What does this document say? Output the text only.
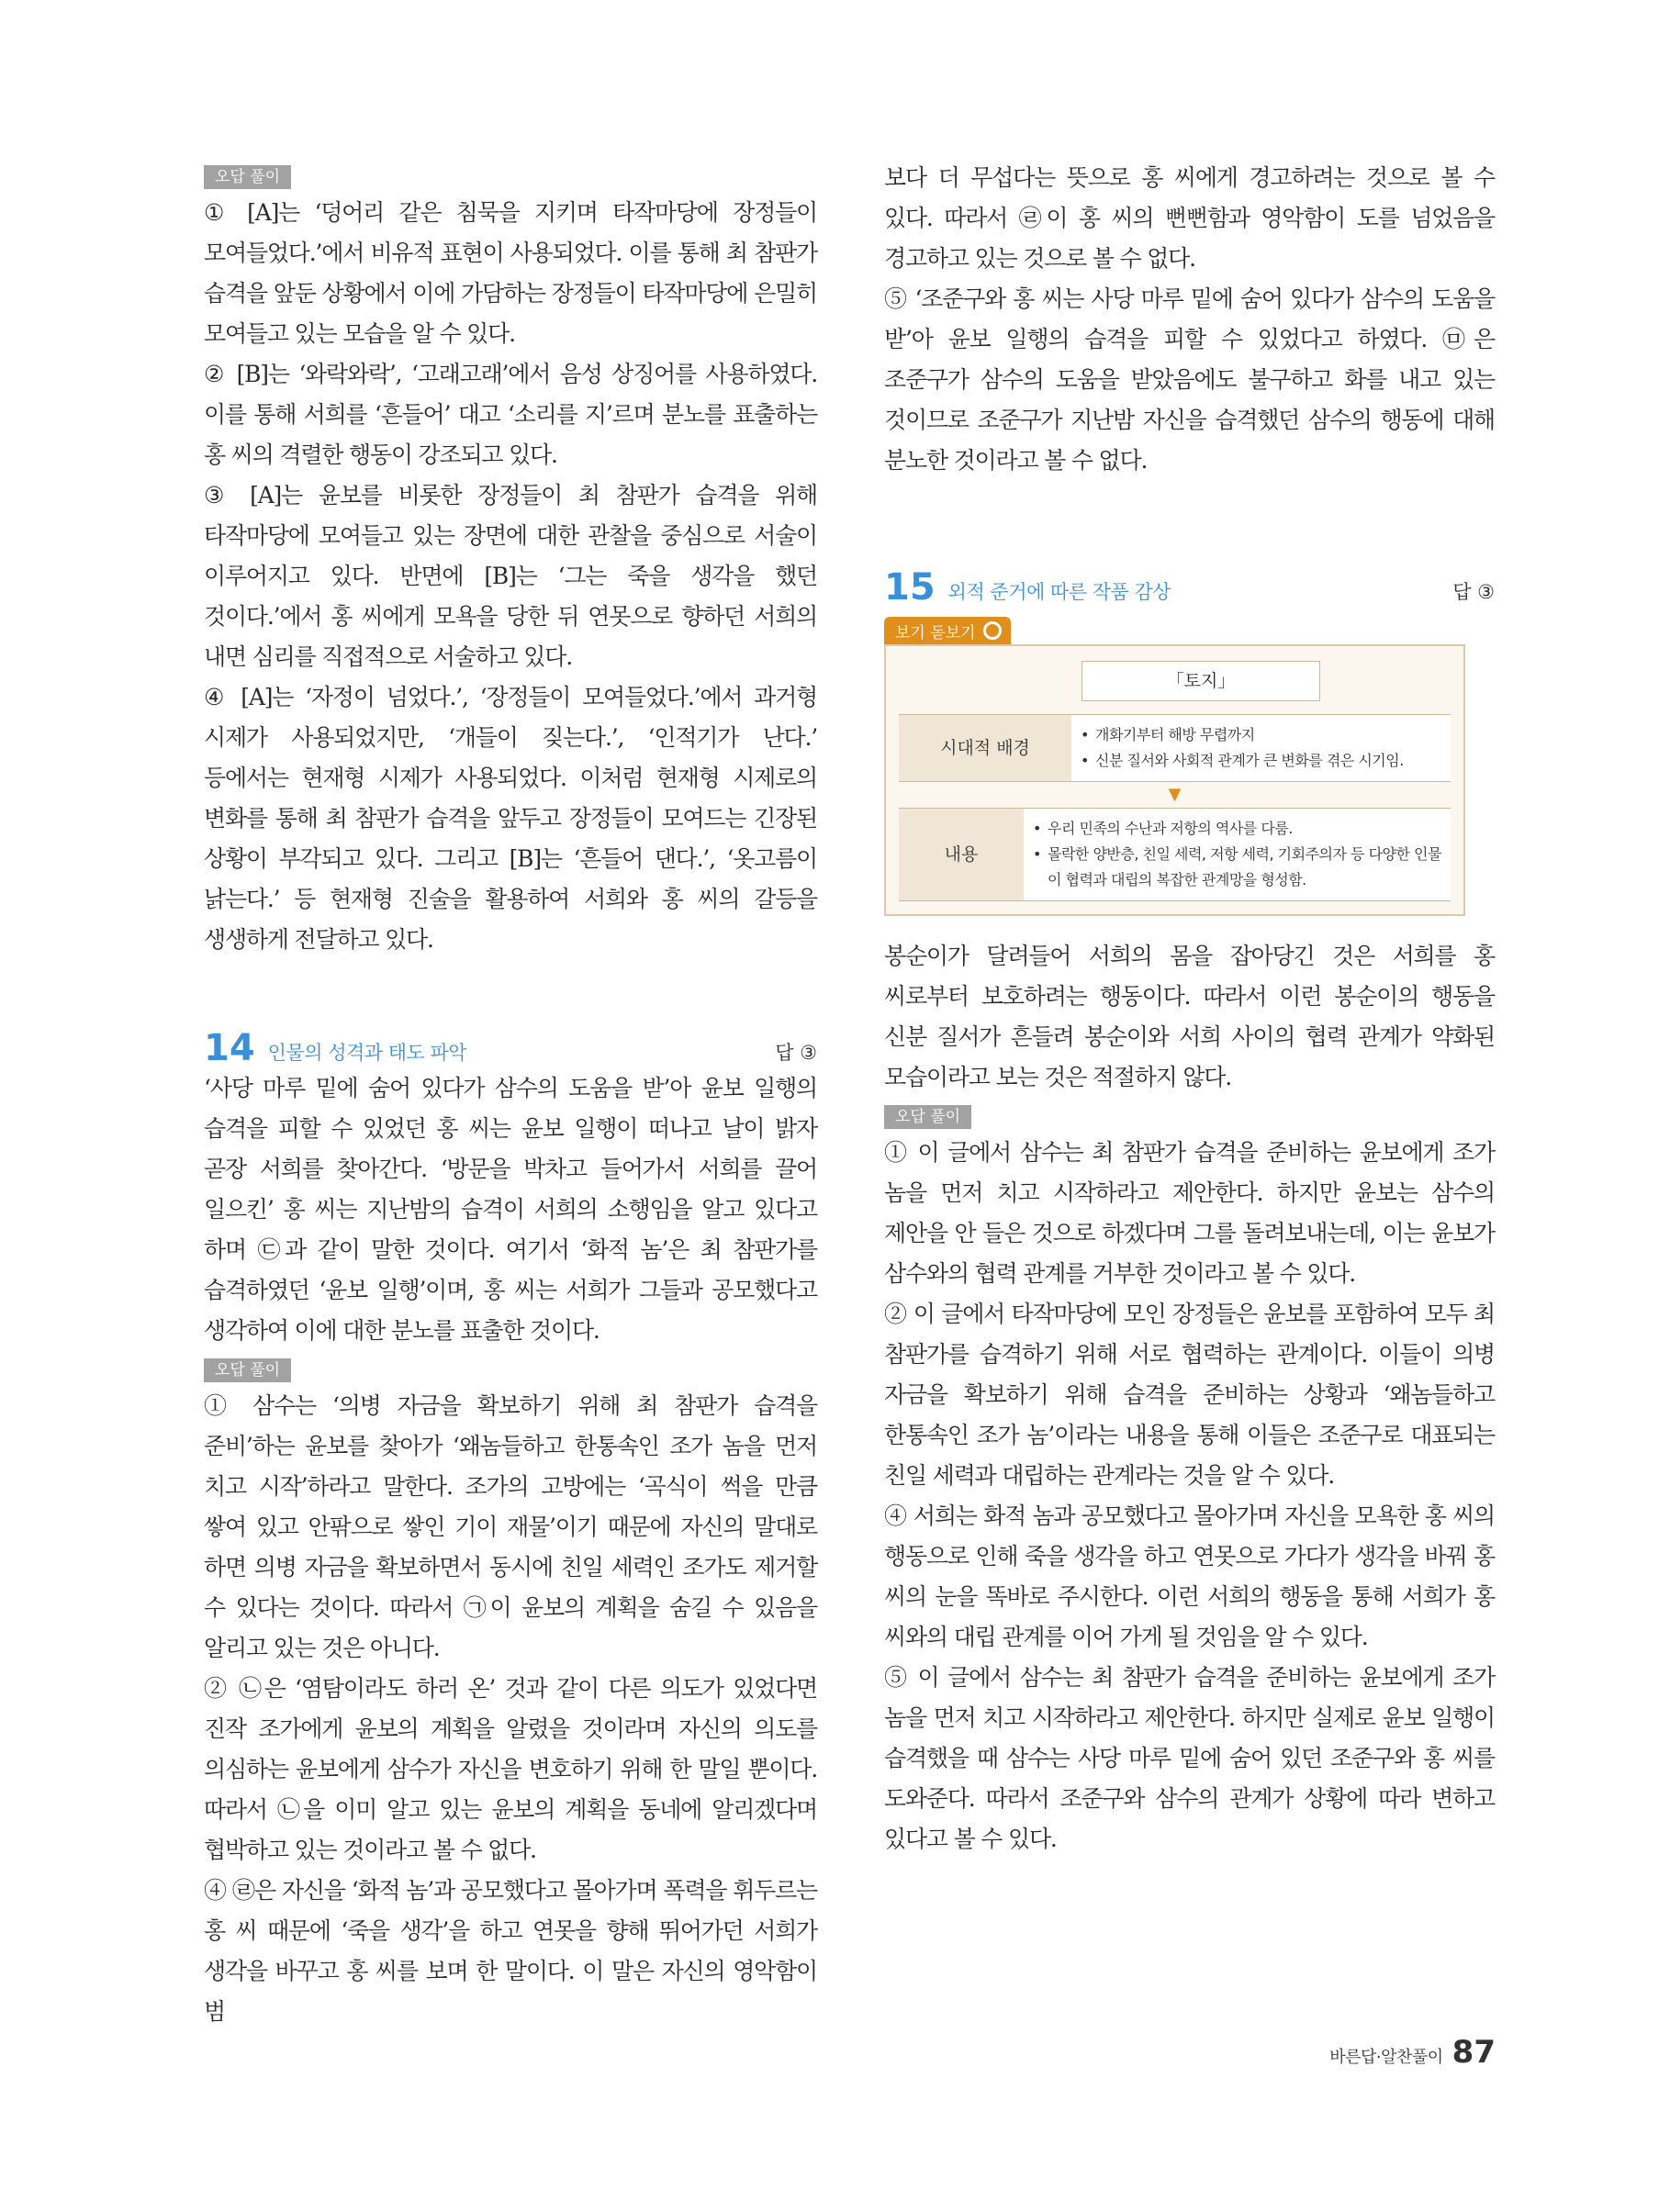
오답 풀이

① [A]는 ‘덩어리 같은 침묵을 지키며 타작마당에 장정들이 모여들었다.’에서 비유적 표현이 사용되었다. 이를 통해 최 참판가 습격을 앞둔 상황에서 이에 가담하는 장정들이 타작마당에 은밀히 모여들고 있는 모습을 알 수 있다.

② [B]는 ‘와락와락’, ‘고래고래’에서 음성 상징어를 사용하였다. 이를 통해 서희를 ‘흔들어’ 대고 ‘소리를 지’르며 분노를 표출하는 홍 씨의 격렬한 행동이 강조되고 있다.

③ [A]는 윤보를 비롯한 장정들이 최 참판가 습격을 위해 타작마당에 모여들고 있는 장면에 대한 관찰을 중심으로 서술이 이루어지고 있다. 반면에 [B]는 ‘그는 죽을 생각을 했던 것이다.’에서 홍 씨에게 모욕을 당한 뒤 연못으로 향하던 서희의 내면 심리를 직접적으로 서술하고 있다.

④ [A]는 ‘자정이 넘었다.’, ‘장정들이 모여들었다.’에서 과거형 시제가 사용되었지만, ‘개들이 짖는다.’, ‘인적기가 난다.’ 등에서는 현재형 시제가 사용되었다. 이처럼 현재형 시제로의 변화를 통해 최 참판가 습격을 앞두고 장정들이 모여드는 긴장된 상황이 부각되고 있다. 그리고 [B]는 ‘흔들어 댄다.’, ‘옷고름이 낡는다.’ 등 현재형 진술을 활용하여 서희와 홍 씨의 갈등을 생생하게 전달하고 있다.

14 인물의 성격과 태도 파악	답 ③

‘사당 마루 밑에 숨어 있다가 삼수의 도움을 받’아 윤보 일행의 습격을 피할 수 있었던 홍 씨는 윤보 일행이 떠나고 날이 밝자 곧장 서희를 찾아간다. ‘방문을 박차고 들어가서 서희를 끌어 일으킨’ 홍 씨는 지난밤의 습격이 서희의 소행임을 알고 있다고 하며 ㉢과 같이 말한 것이다. 여기서 ‘화적 놈’은 최 참판가를 습격하였던 ‘윤보 일행’이며, 홍 씨는 서희가 그들과 공모했다고 생각하여 이에 대한 분노를 표출한 것이다.

오답 풀이

① 삼수는 ‘의병 자금을 확보하기 위해 최 참판가 습격을 준비’하는 윤보를 찾아가 ‘왜놈들하고 한통속인 조가 놈을 먼저 치고 시작’하라고 말한다. 조가의 고방에는 ‘곡식이 썩을 만큼 쌓여 있고 안팎으로 쌓인 기이 재물’이기 때문에 자신의 말대로 하면 의병 자금을 확보하면서 동시에 친일 세력인 조가도 제거할 수 있다는 것이다. 따라서 ㉠이 윤보의 계획을 숨길 수 있음을 알리고 있는 것은 아니다.

② ㉡은 ‘염탐이라도 하러 온’ 것과 같이 다른 의도가 있었다면 진작 조가에게 윤보의 계획을 알렸을 것이라며 자신의 의도를 의심하는 윤보에게 삼수가 자신을 변호하기 위해 한 말일 뿐이다. 따라서 ㉡을 이미 알고 있는 윤보의 계획을 동네에 알리겠다며 협박하고 있는 것이라고 볼 수 없다.

④ ㉣은 자신을 ‘화적 놈’과 공모했다고 몰아가며 폭력을 휘두르는 홍 씨 때문에 ‘죽을 생각’을 하고 연못을 향해 뛰어가던 서희가 생각을 바꾸고 홍 씨를 보며 한 말이다. 이 말은 자신의 영악함이 범

보다 더 무섭다는 뜻으로 홍 씨에게 경고하려는 것으로 볼 수 있다. 따라서 ㉣이 홍 씨의 뻔뻔함과 영악함이 도를 넘었음을 경고하고 있는 것으로 볼 수 없다.

⑤ ‘조준구와 홍 씨는 사당 마루 밑에 숨어 있다가 삼수의 도움을 받’아 윤보 일행의 습격을 피할 수 있었다고 하였다. ㉤은 조준구가 삼수의 도움을 받았음에도 불구하고 화를 내고 있는 것이므로 조준구가 지난밤 자신을 습격했던 삼수의 행동에 대해 분노한 것이라고 볼 수 없다.

15 외적 준거에 따른 작품 감상	답 ③
보기 돋보기
「토지」
시대적 배경
• 개화기부터 해방 무렵까지
• 신분 질서와 사회적 관계가 큰 변화를 겪은 시기임.
▼
내용
• 우리 민족의 수난과 저항의 역사를 다룸.
• 몰락한 양반층, 친일 세력, 저항 세력, 기회주의자 등 다양한 인물이 협력과 대립의 복잡한 관계망을 형성함.

봉순이가 달려들어 서희의 몸을 잡아당긴 것은 서희를 홍 씨로부터 보호하려는 행동이다. 따라서 이런 봉순이의 행동을 신분 질서가 흔들려 봉순이와 서희 사이의 협력 관계가 약화된 모습이라고 보는 것은 적절하지 않다.

오답 풀이

① 이 글에서 삼수는 최 참판가 습격을 준비하는 윤보에게 조가 놈을 먼저 치고 시작하라고 제안한다. 하지만 윤보는 삼수의 제안을 안 들은 것으로 하겠다며 그를 돌려보내는데, 이는 윤보가 삼수와의 협력 관계를 거부한 것이라고 볼 수 있다.

② 이 글에서 타작마당에 모인 장정들은 윤보를 포함하여 모두 최 참판가를 습격하기 위해 서로 협력하는 관계이다. 이들이 의병 자금을 확보하기 위해 습격을 준비하는 상황과 ‘왜놈들하고 한통속인 조가 놈’이라는 내용을 통해 이들은 조준구로 대표되는 친일 세력과 대립하는 관계라는 것을 알 수 있다.

④ 서희는 화적 놈과 공모했다고 몰아가며 자신을 모욕한 홍 씨의 행동으로 인해 죽을 생각을 하고 연못으로 가다가 생각을 바꿔 홍 씨의 눈을 똑바로 주시한다. 이런 서희의 행동을 통해 서희가 홍 씨와의 대립 관계를 이어 가게 될 것임을 알 수 있다.

⑤ 이 글에서 삼수는 최 참판가 습격을 준비하는 윤보에게 조가 놈을 먼저 치고 시작하라고 제안한다. 하지만 실제로 윤보 일행이 습격했을 때 삼수는 사당 마루 밑에 숨어 있던 조준구와 홍 씨를 도와준다. 따라서 조준구와 삼수의 관계가 상황에 따라 변하고 있다고 볼 수 있다.

바른답·알찬풀이 87
